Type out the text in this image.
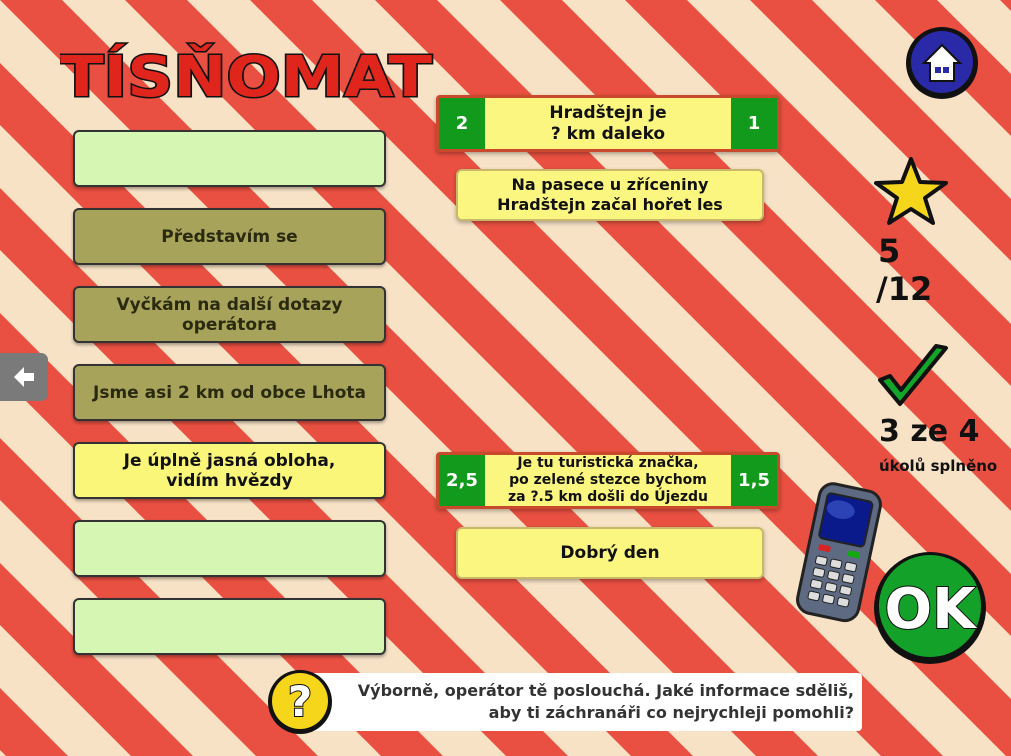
TÍSŇOMAT
Představím se
Vyčkám na další dotazy operátora
Jsme asi 2 km od obce Lhota
Je úplně jasná obloha,
vidím hvězdy
2
Hradštejn je
? km daleko	1
Na pasece u zříceniny
Hradštejn začal hořet les
2,5
Je tu turistická značka,
po zelené stezce bychom
za ?.5 km došli do Újezdu
1,5
Dobrý den
5
/12
3 ze 4
úkolů splněno
OK
Výborně, operátor tě poslouchá. Jaké informace sděliš,
aby ti záchranáři co nejrychleji pomohli?
?
